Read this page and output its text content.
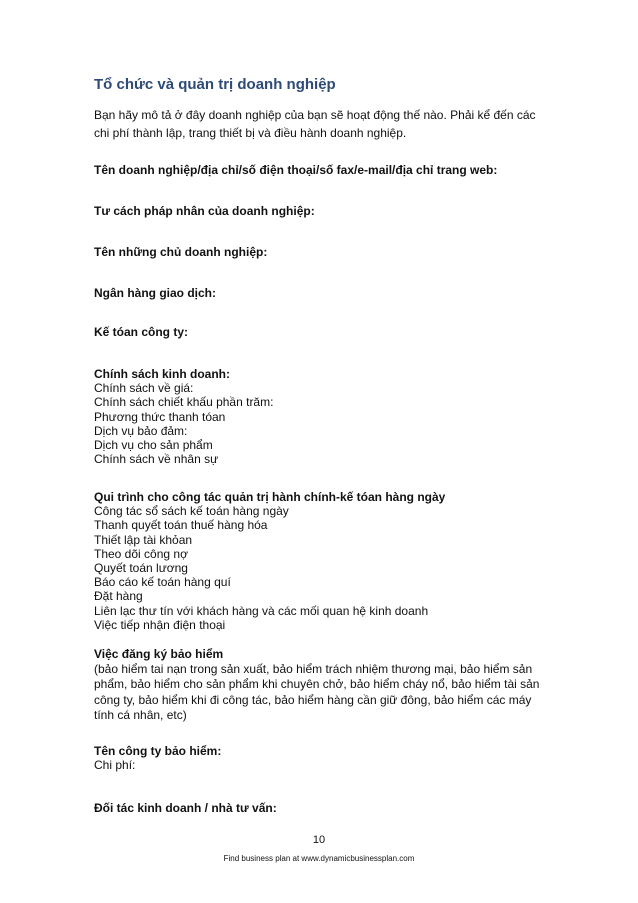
Tổ chức và quản trị doanh nghiệp

Bạn hãy mô tả ở đây doanh nghiệp của bạn sẽ hoạt động thế nào. Phải kể đến các chi phí thành lập, trang thiết bị và điều hành doanh nghiệp.

Tên doanh nghiệp/địa chỉ/số điện thoại/số fax/e-mail/địa chỉ trang web:

Tư cách pháp nhân của doanh nghiệp:

Tên những chủ doanh nghiệp:

Ngân hàng giao dịch:

Kế tóan công ty:

Chính sách kinh doanh:
Chính sách về giá:
Chính sách chiết khấu phần trăm:
Phương thức thanh tóan
Dịch vụ bảo đảm:
Dịch vụ cho sản phẩm
Chính sách về nhân sự
Qui trình cho công tác quản trị hành chính-kế tóan hàng ngày
Công tác sổ sách kế toán hàng ngày
Thanh quyết toán thuế hàng hóa
Thiết lập tài khỏan
Theo dõi công nợ
Quyết toán lương
Báo cáo kế toán hàng quí
Đặt hàng
Liên lạc thư tín với khách hàng và các mối quan hệ kinh doanh
Việc tiếp nhận điện thoại
Việc đăng ký bảo hiểm
(bảo hiểm tai nạn trong sản xuất, bảo hiểm trách nhiệm thương mại, bảo hiểm sản
phẩm, bảo hiểm cho sản phẩm khi chuyên chở, bảo hiểm cháy nổ, bảo hiểm tài sản
công ty, bảo hiểm khi đi công tác, bảo hiểm hàng cần giữ đông, bảo hiểm các máy
tính cá nhân, etc)
Tên công ty bảo hiểm:
Chi phí:

Đối tác kinh doanh / nhà tư vấn:

10
Find business plan at www.dynamicbusinessplan.com
